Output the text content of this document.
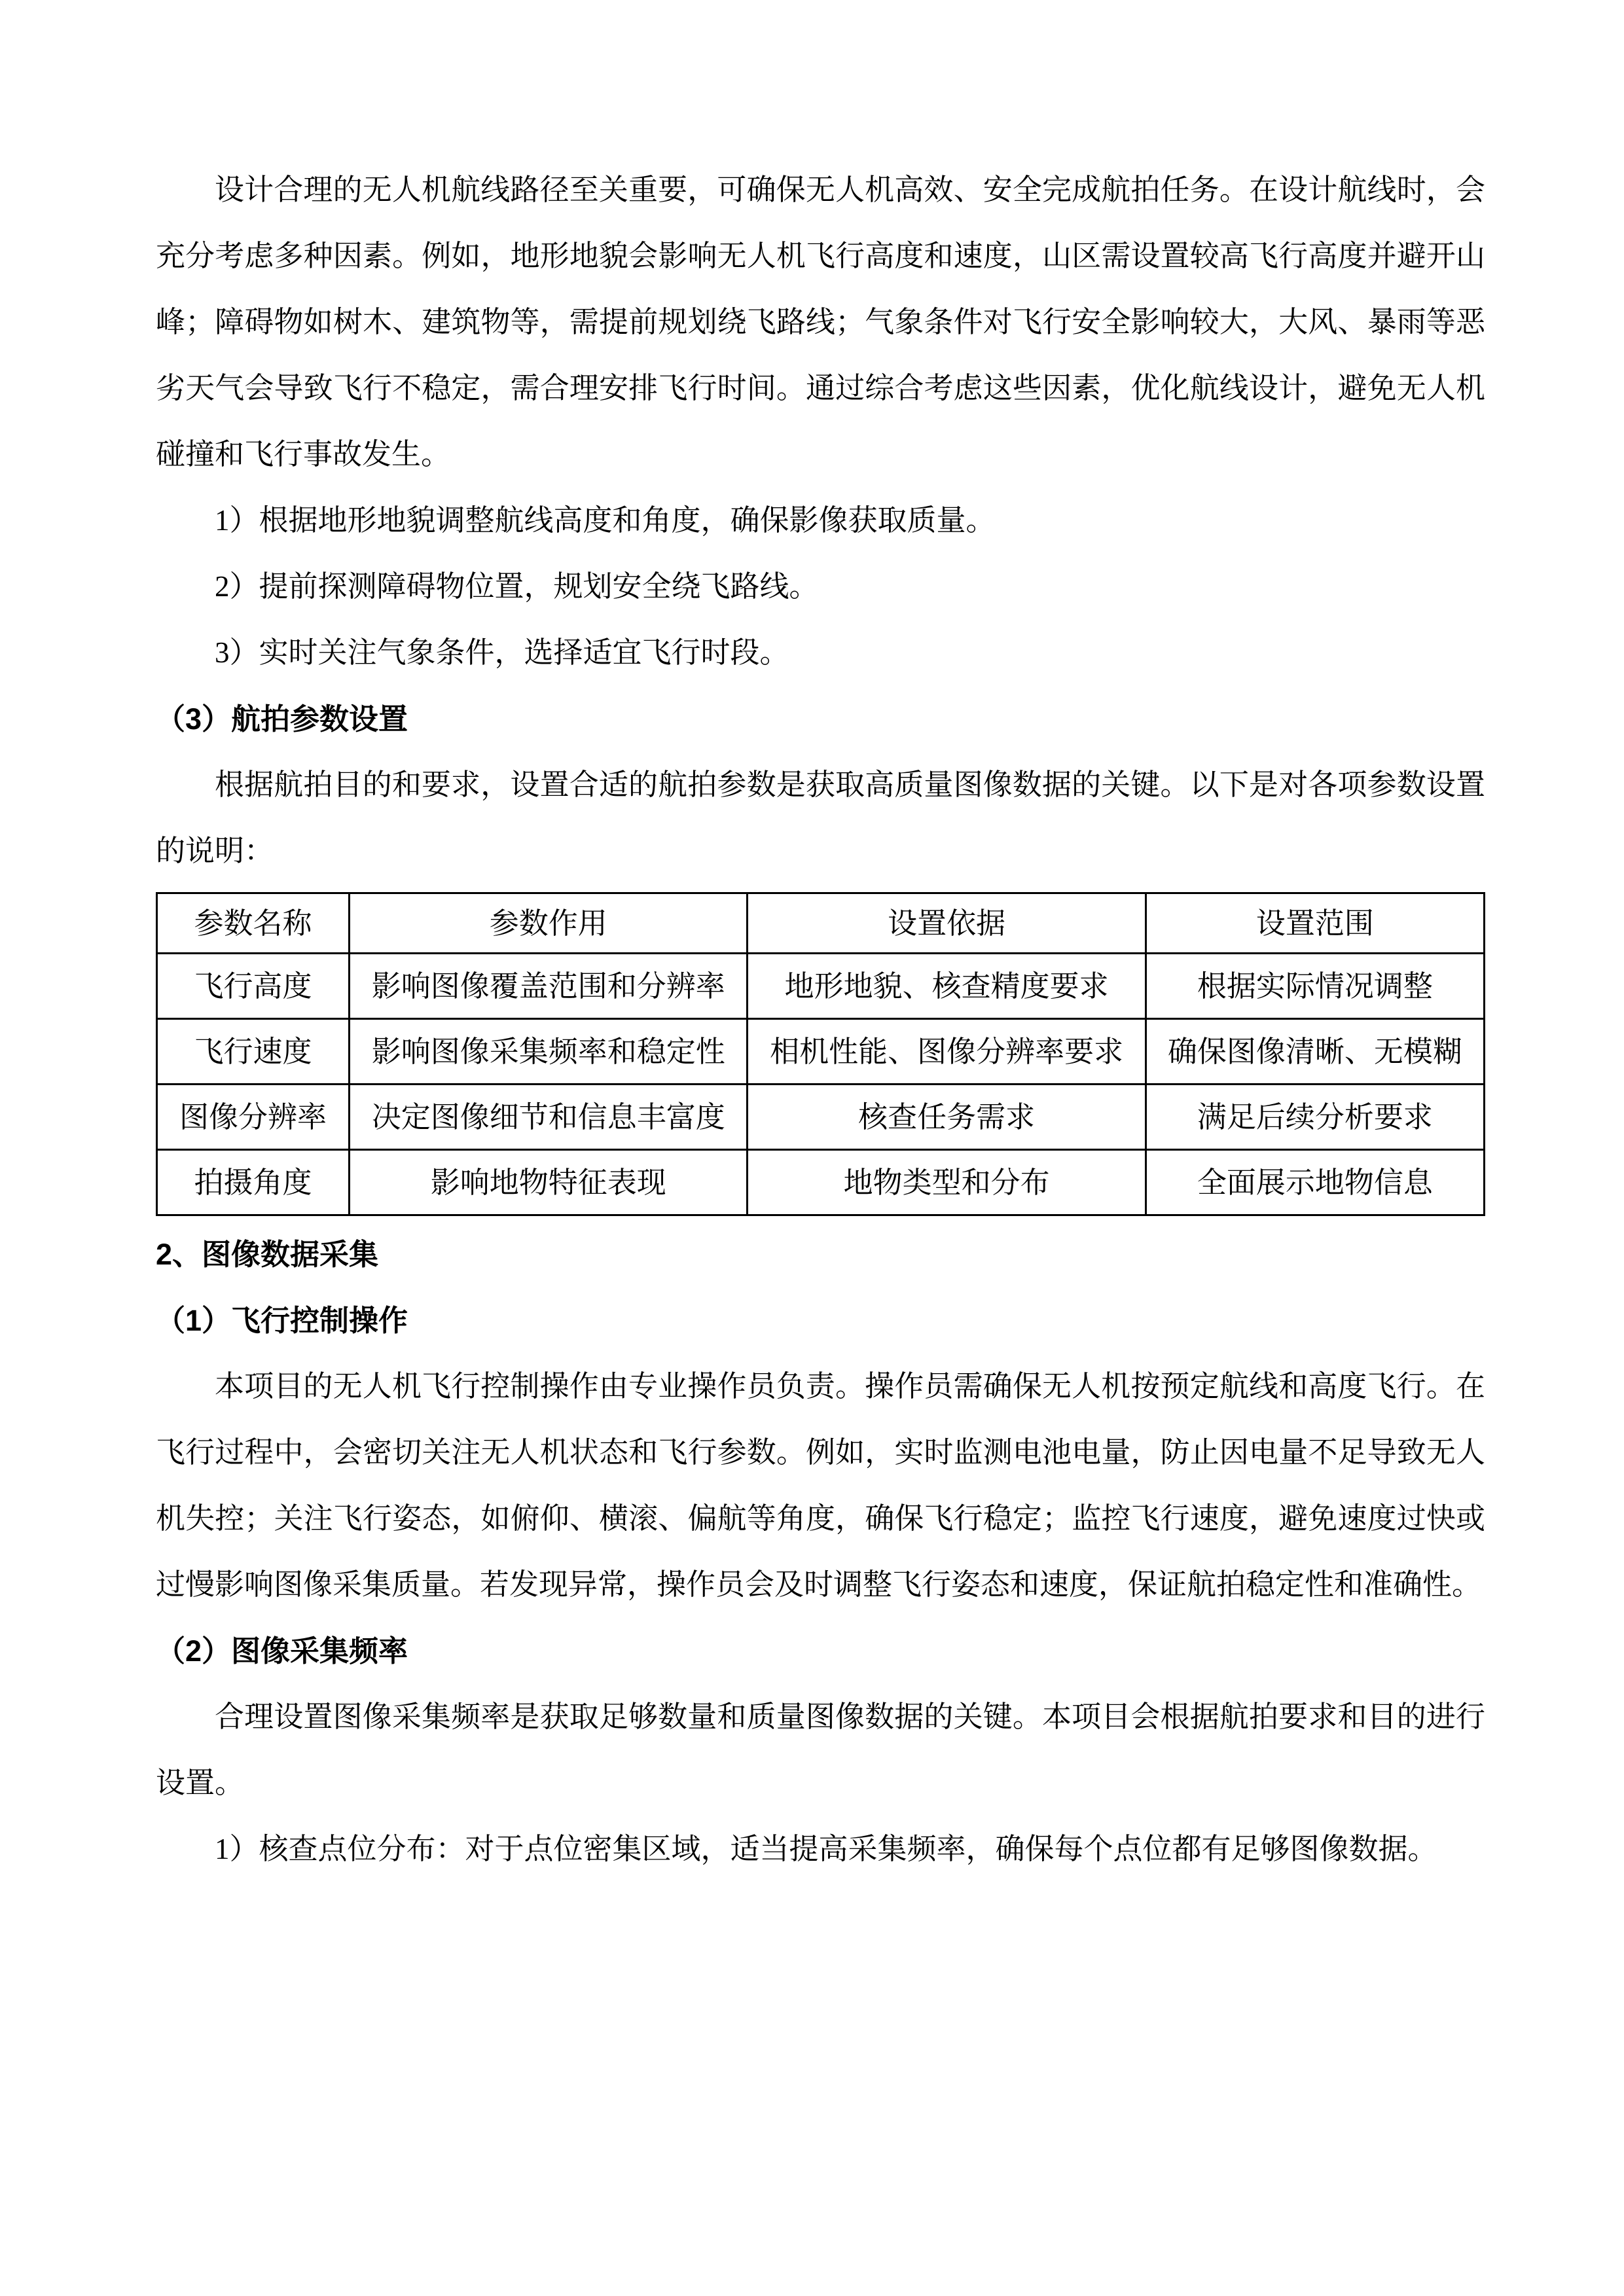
设计合理的无人机航线路径至关重要，可确保无人机高效、安全完成航拍任务。在设计航线时，会充分考虑多种因素。例如，地形地貌会影响无人机飞行高度和速度，山区需设置较高飞行高度并避开山峰；障碍物如树木、建筑物等，需提前规划绕飞路线；气象条件对飞行安全影响较大，大风、暴雨等恶劣天气会导致飞行不稳定，需合理安排飞行时间。通过综合考虑这些因素，优化航线设计，避免无人机碰撞和飞行事故发生。

1）根据地形地貌调整航线高度和角度，确保影像获取质量。

2）提前探测障碍物位置，规划安全绕飞路线。

3）实时关注气象条件，选择适宜飞行时段。

（3）航拍参数设置

根据航拍目的和要求，设置合适的航拍参数是获取高质量图像数据的关键。以下是对各项参数设置的说明：

参数名称	参数作用	设置依据	设置范围
飞行高度	影响图像覆盖范围和分辨率	地形地貌、核查精度要求	根据实际情况调整
飞行速度	影响图像采集频率和稳定性	相机性能、图像分辨率要求	确保图像清晰、无模糊
图像分辨率	决定图像细节和信息丰富度	核查任务需求	满足后续分析要求
拍摄角度	影响地物特征表现	地物类型和分布	全面展示地物信息

2、图像数据采集

（1）飞行控制操作

本项目的无人机飞行控制操作由专业操作员负责。操作员需确保无人机按预定航线和高度飞行。在飞行过程中，会密切关注无人机状态和飞行参数。例如，实时监测电池电量，防止因电量不足导致无人机失控；关注飞行姿态，如俯仰、横滚、偏航等角度，确保飞行稳定；监控飞行速度，避免速度过快或过慢影响图像采集质量。若发现异常，操作员会及时调整飞行姿态和速度，保证航拍稳定性和准确性。

（2）图像采集频率

合理设置图像采集频率是获取足够数量和质量图像数据的关键。本项目会根据航拍要求和目的进行设置。

1）核查点位分布：对于点位密集区域，适当提高采集频率，确保每个点位都有足够图像数据。
